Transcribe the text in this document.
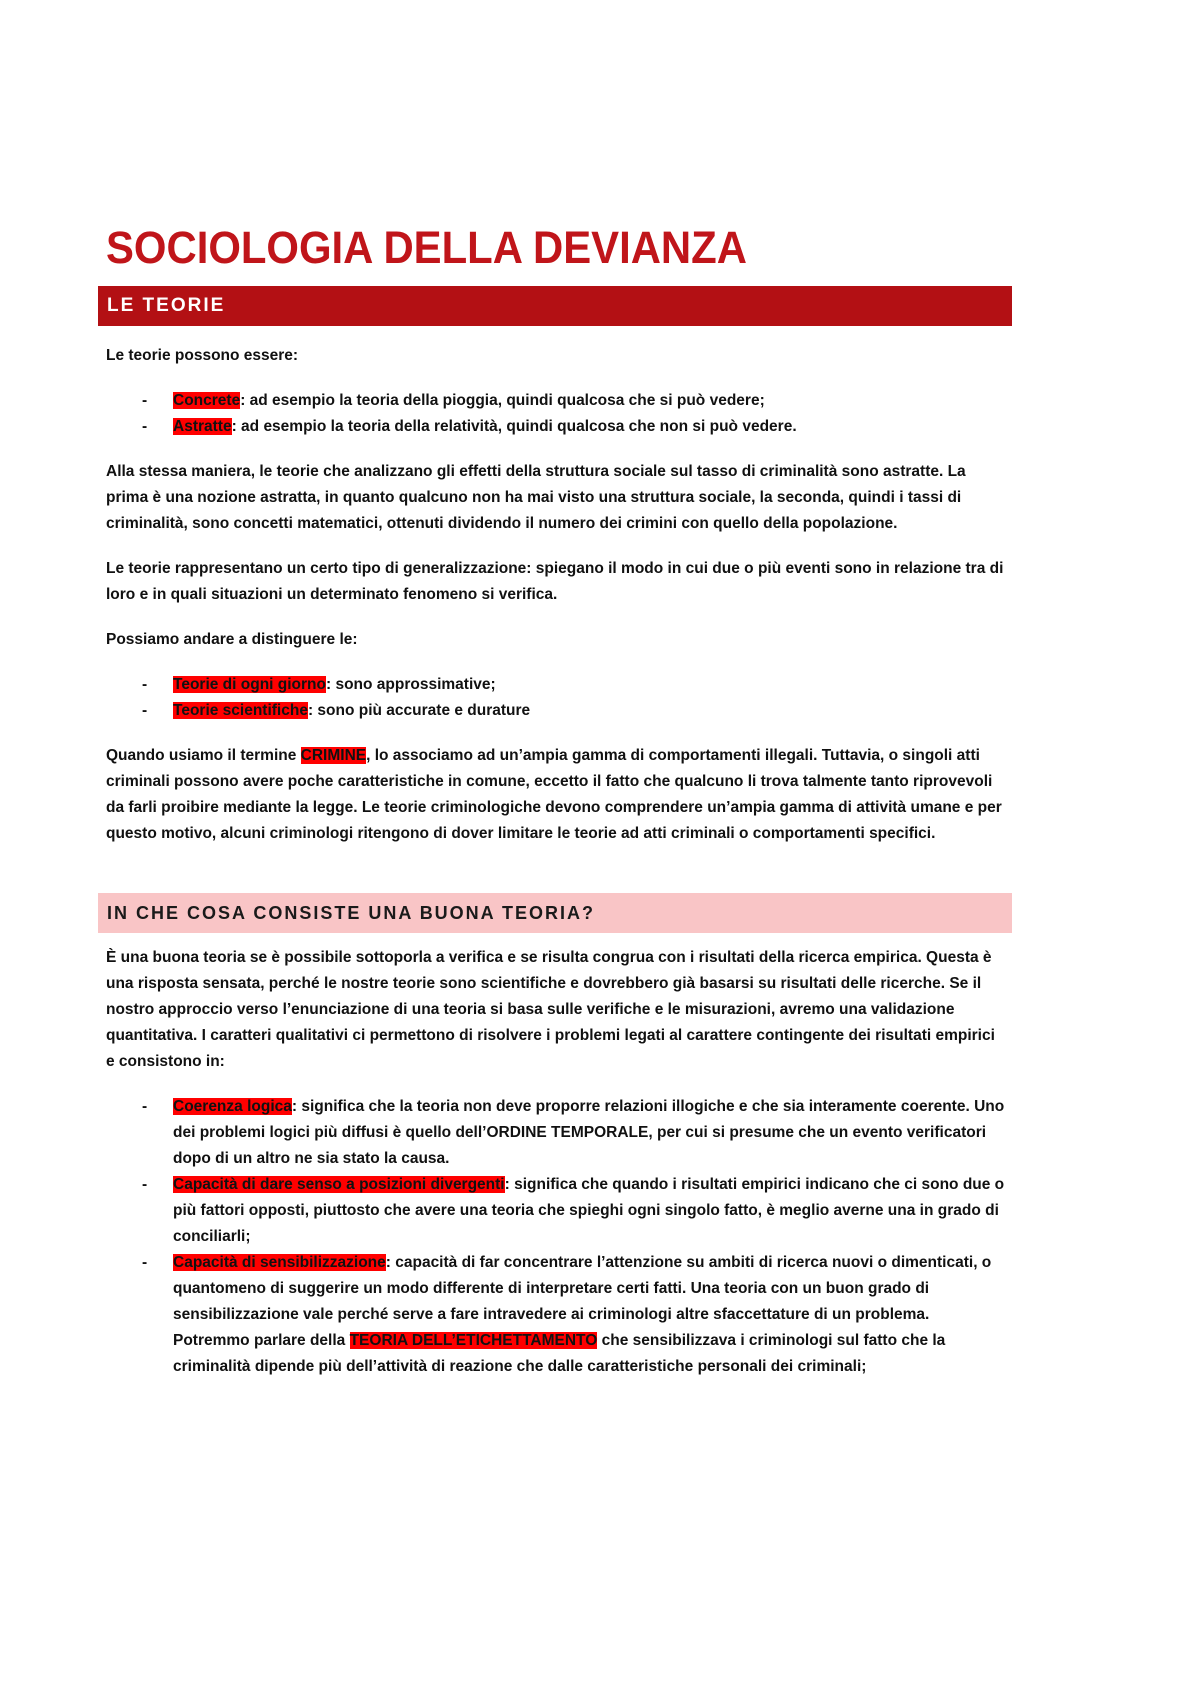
SOCIOLOGIA DELLA DEVIANZA
LE TEORIE

Le teorie possono essere:

- Concrete: ad esempio la teoria della pioggia, quindi qualcosa che si può vedere;
- Astratte: ad esempio la teoria della relatività, quindi qualcosa che non si può vedere.

Alla stessa maniera, le teorie che analizzano gli effetti della struttura sociale sul tasso di criminalità sono astratte. La prima è una nozione astratta, in quanto qualcuno non ha mai visto una struttura sociale, la seconda, quindi i tassi di criminalità, sono concetti matematici, ottenuti dividendo il numero dei crimini con quello della popolazione.

Le teorie rappresentano un certo tipo di generalizzazione: spiegano il modo in cui due o più eventi sono in relazione tra di loro e in quali situazioni un determinato fenomeno si verifica.

Possiamo andare a distinguere le:

- Teorie di ogni giorno: sono approssimative;
- Teorie scientifiche: sono più accurate e durature

Quando usiamo il termine CRIMINE, lo associamo ad un’ampia gamma di comportamenti illegali. Tuttavia, o singoli atti criminali possono avere poche caratteristiche in comune, eccetto il fatto che qualcuno li trova talmente tanto riprovevoli da farli proibire mediante la legge. Le teorie criminologiche devono comprendere un’ampia gamma di attività umane e per questo motivo, alcuni criminologi ritengono di dover limitare le teorie ad atti criminali o comportamenti specifici.

IN CHE COSA CONSISTE UNA BUONA TEORIA?

È una buona teoria se è possibile sottoporla a verifica e se risulta congrua con i risultati della ricerca empirica. Questa è una risposta sensata, perché le nostre teorie sono scientifiche e dovrebbero già basarsi su risultati delle ricerche. Se il nostro approccio verso l’enunciazione di una teoria si basa sulle verifiche e le misurazioni, avremo una validazione quantitativa. I caratteri qualitativi ci permettono di risolvere i problemi legati al carattere contingente dei risultati empirici e consistono in:

- Coerenza logica: significa che la teoria non deve proporre relazioni illogiche e che sia interamente coerente. Uno dei problemi logici più diffusi è quello dell’ORDINE TEMPORALE, per cui si presume che un evento verificatori dopo di un altro ne sia stato la causa.
- Capacità di dare senso a posizioni divergenti: significa che quando i risultati empirici indicano che ci sono due o più fattori opposti, piuttosto che avere una teoria che spieghi ogni singolo fatto, è meglio averne una in grado di conciliarli;
- Capacità di sensibilizzazione: capacità di far concentrare l’attenzione su ambiti di ricerca nuovi o dimenticati, o quantomeno di suggerire un modo differente di interpretare certi fatti. Una teoria con un buon grado di sensibilizzazione vale perché serve a fare intravedere ai criminologi altre sfaccettature di un problema. Potremmo parlare della TEORIA DELL’ETICHETTAMENTO che sensibilizzava i criminologi sul fatto che la criminalità dipende più dell’attività di reazione che dalle caratteristiche personali dei criminali;
